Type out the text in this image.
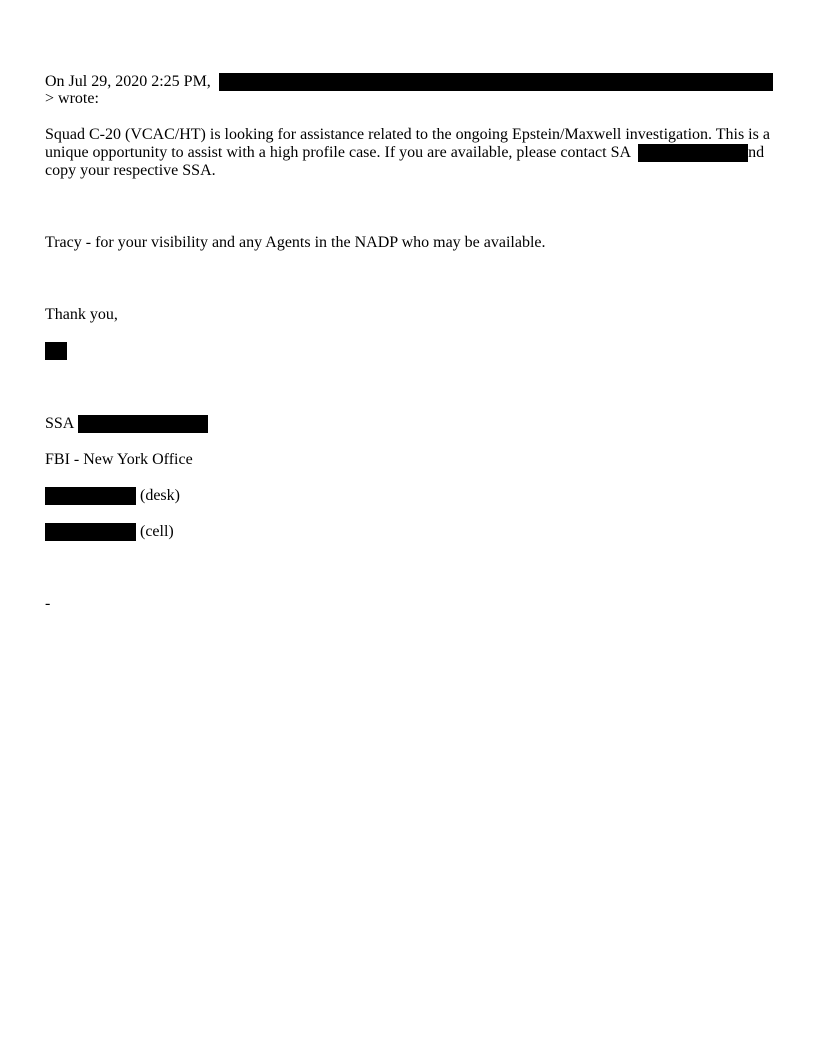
On Jul 29, 2020 2:25 PM,
> wrote:
Squad C-20 (VCAC/HT) is looking for assistance related to the ongoing Epstein/Maxwell investigation. This is a
unique opportunity to assist with a high profile case. If you are available, please contact SA	nd
copy your respective SSA.
Tracy - for your visibility and any Agents in the NADP who may be available.
Thank you,
SSA
FBI - New York Office
(desk)
(cell)
-
